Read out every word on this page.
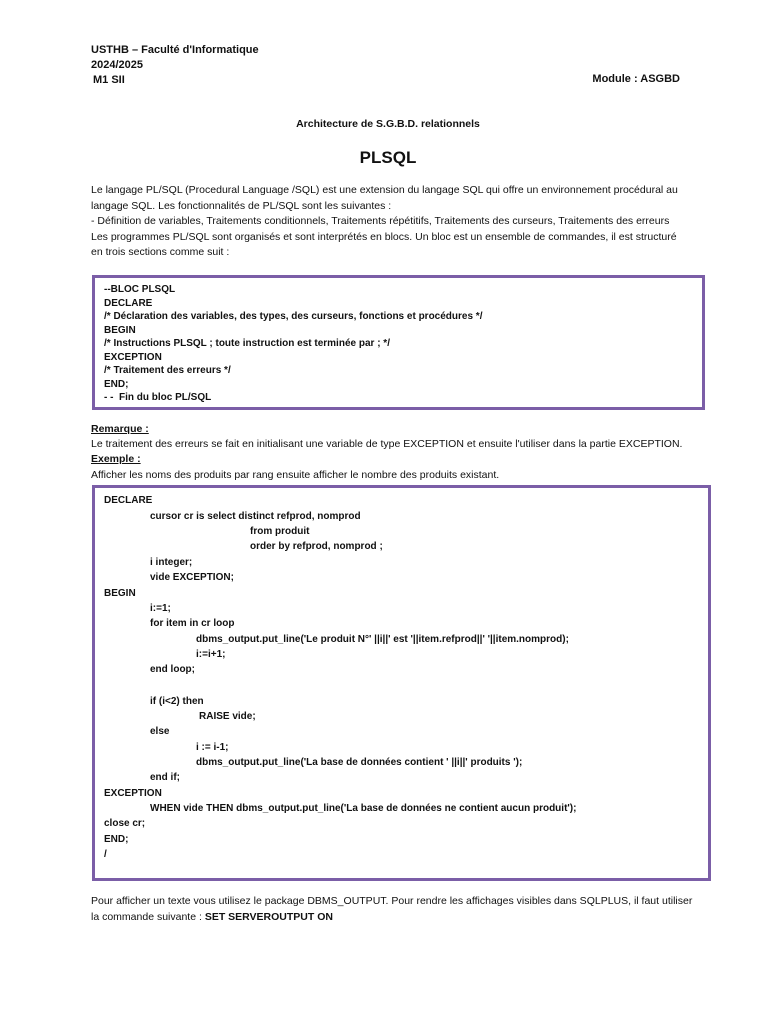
USTHB – Faculté d'Informatique
2024/2025
M1 SII	Module : ASGBD
Architecture de S.G.B.D. relationnels
PLSQL
Le langage PL/SQL (Procedural Language /SQL) est une extension du langage SQL qui offre un environnement procédural au
langage SQL. Les fonctionnalités de PL/SQL sont les suivantes :
- Définition de variables, Traitements conditionnels, Traitements répétitifs, Traitements des curseurs, Traitements des erreurs
Les programmes PL/SQL sont organisés et sont interprétés en blocs. Un bloc est un ensemble de commandes, il est structuré
en trois sections comme suit :
--BLOC PLSQL
DECLARE
/* Déclaration des variables, des types, des curseurs, fonctions et procédures */
BEGIN
/* Instructions PLSQL ; toute instruction est terminée par ; */
EXCEPTION
/* Traitement des erreurs */
END;
- -  Fin du bloc PL/SQL
Remarque :
Le traitement des erreurs se fait en initialisant une variable de type EXCEPTION et ensuite l'utiliser dans la partie EXCEPTION.
Exemple :
Afficher les noms des produits par rang ensuite afficher le nombre des produits existant.
DECLARE
cursor cr is select distinct refprod, nomprod
from produit
order by refprod, nomprod ;
i integer;
vide EXCEPTION;
BEGIN
i:=1;
for item in cr loop
dbms_output.put_line('Le produit N°' ||i||' est '||item.refprod||' '||item.nomprod);
i:=i+1;
end loop;
if (i<2) then
RAISE vide;
else
i := i-1;
dbms_output.put_line('La base de données contient ' ||i||' produits ');
end if;
EXCEPTION
WHEN vide THEN dbms_output.put_line('La base de données ne contient aucun produit');
close cr;
END;
/
Pour afficher un texte vous utilisez le package DBMS_OUTPUT. Pour rendre les affichages visibles dans SQLPLUS, il faut utiliser
la commande suivante : SET SERVEROUTPUT ON
